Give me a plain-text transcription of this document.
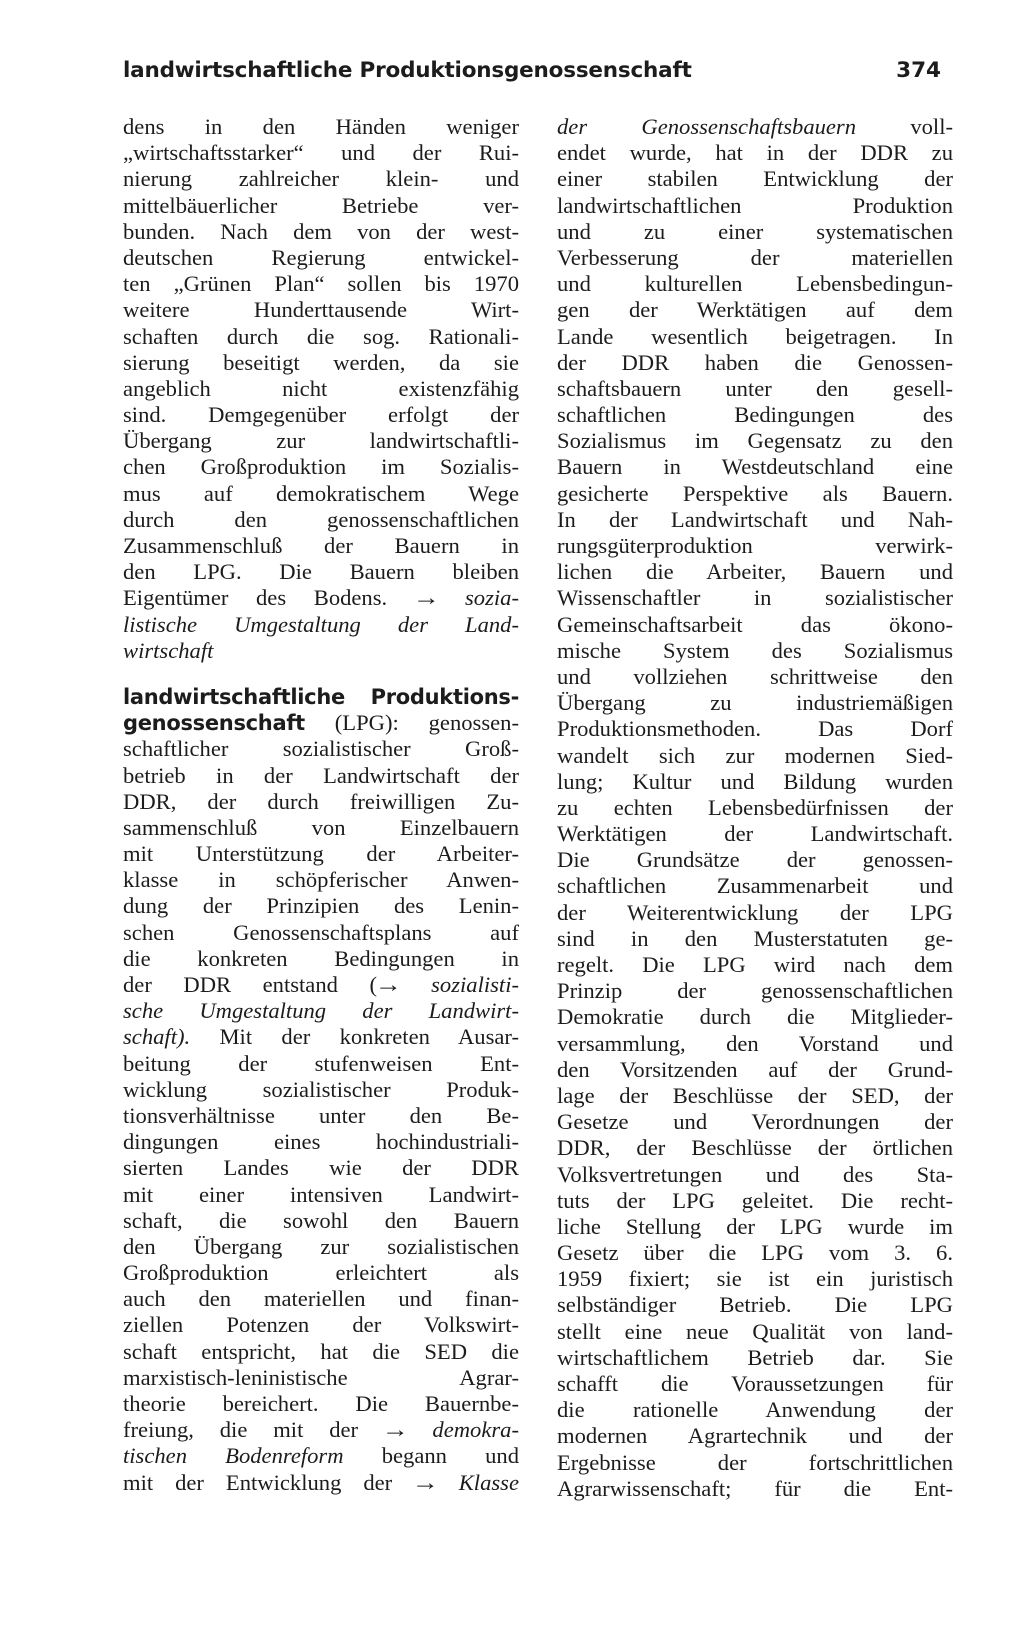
landwirtschaftliche Produktionsgenossenschaft	374
dens in den Händen weniger
„wirtschaftsstarker“ und der Rui-
nierung zahlreicher klein- und
mittelbäuerlicher Betriebe ver-
bunden. Nach dem von der west-
deutschen Regierung entwickel-
ten „Grünen Plan“ sollen bis 1970
weitere Hunderttausende Wirt-
schaften durch die sog. Rationali-
sierung beseitigt werden, da sie
angeblich nicht existenzfähig
sind. Demgegenüber erfolgt der
Übergang zur landwirtschaftli-
chen Großproduktion im Sozialis-
mus auf demokratischem Wege
durch den genossenschaftlichen
Zusammenschluß der Bauern in
den LPG. Die Bauern bleiben
Eigentümer des Bodens. → sozia-
listische Umgestaltung der Land-
wirtschaft
landwirtschaftliche Produktions-
genossenschaft (LPG): genossen-
schaftlicher sozialistischer Groß-
betrieb in der Landwirtschaft der
DDR, der durch freiwilligen Zu-
sammenschluß von Einzelbauern
mit Unterstützung der Arbeiter-
klasse in schöpferischer Anwen-
dung der Prinzipien des Lenin-
schen Genossenschaftsplans auf
die konkreten Bedingungen in
der DDR entstand (→ sozialisti-
sche Umgestaltung der Landwirt-
schaft). Mit der konkreten Ausar-
beitung der stufenweisen Ent-
wicklung sozialistischer Produk-
tionsverhältnisse unter den Be-
dingungen eines hochindustriali-
sierten Landes wie der DDR
mit einer intensiven Landwirt-
schaft, die sowohl den Bauern
den Übergang zur sozialistischen
Großproduktion erleichtert als
auch den materiellen und finan-
ziellen Potenzen der Volkswirt-
schaft entspricht, hat die SED die
marxistisch-leninistische Agrar-
theorie bereichert. Die Bauernbe-
freiung, die mit der → demokra-
tischen Bodenreform begann und
mit der Entwicklung der → Klasse
der Genossenschaftsbauern voll-
endet wurde, hat in der DDR zu
einer stabilen Entwicklung der
landwirtschaftlichen Produktion
und zu einer systematischen
Verbesserung der materiellen
und kulturellen Lebensbedingun-
gen der Werktätigen auf dem
Lande wesentlich beigetragen. In
der DDR haben die Genossen-
schaftsbauern unter den gesell-
schaftlichen Bedingungen des
Sozialismus im Gegensatz zu den
Bauern in Westdeutschland eine
gesicherte Perspektive als Bauern.
In der Landwirtschaft und Nah-
rungsgüterproduktion verwirk-
lichen die Arbeiter, Bauern und
Wissenschaftler in sozialistischer
Gemeinschaftsarbeit das ökono-
mische System des Sozialismus
und vollziehen schrittweise den
Übergang zu industriemäßigen
Produktionsmethoden. Das Dorf
wandelt sich zur modernen Sied-
lung; Kultur und Bildung wurden
zu echten Lebensbedürfnissen der
Werktätigen der Landwirtschaft.
Die Grundsätze der genossen-
schaftlichen Zusammenarbeit und
der Weiterentwicklung der LPG
sind in den Musterstatuten ge-
regelt. Die LPG wird nach dem
Prinzip der genossenschaftlichen
Demokratie durch die Mitglieder-
versammlung, den Vorstand und
den Vorsitzenden auf der Grund-
lage der Beschlüsse der SED, der
Gesetze und Verordnungen der
DDR, der Beschlüsse der örtlichen
Volksvertretungen und des Sta-
tuts der LPG geleitet. Die recht-
liche Stellung der LPG wurde im
Gesetz über die LPG vom 3. 6.
1959 fixiert; sie ist ein juristisch
selbständiger Betrieb. Die LPG
stellt eine neue Qualität von land-
wirtschaftlichem Betrieb dar. Sie
schafft die Voraussetzungen für
die rationelle Anwendung der
modernen Agrartechnik und der
Ergebnisse der fortschrittlichen
Agrarwissenschaft; für die Ent-
